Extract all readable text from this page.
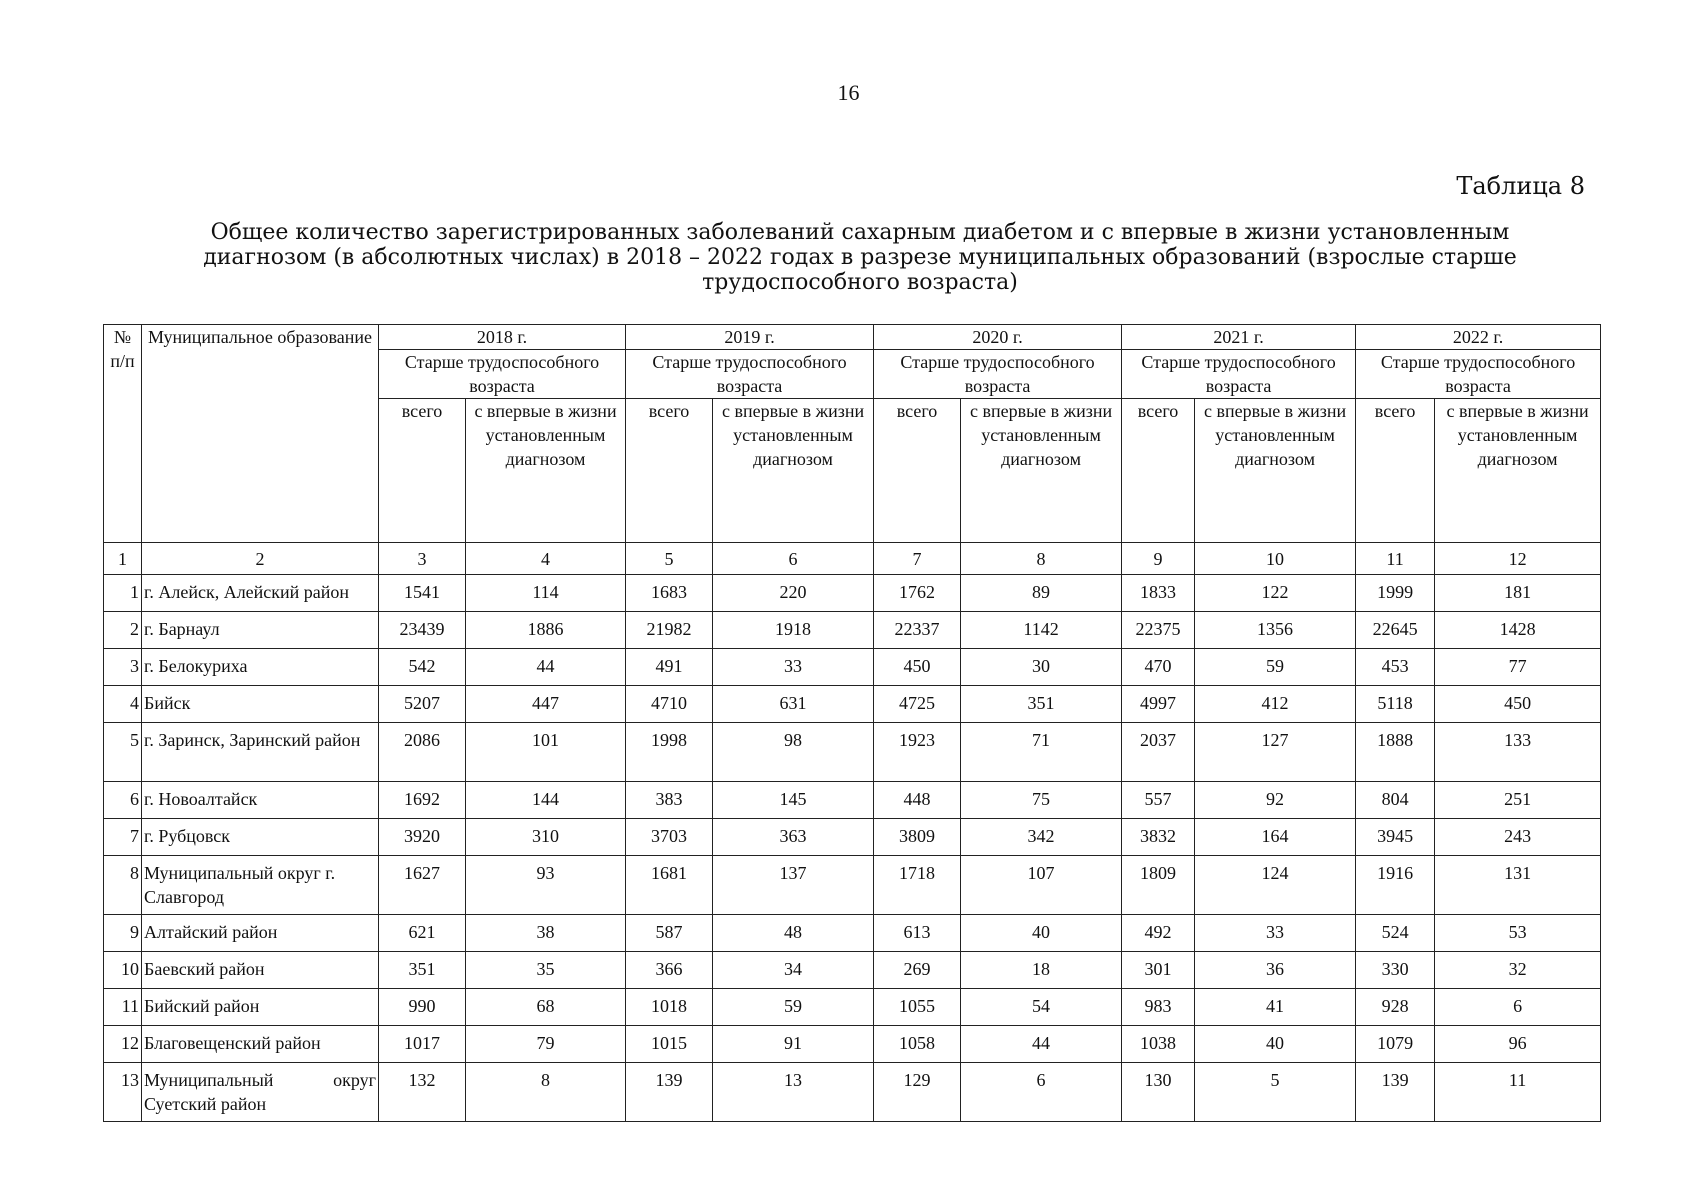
16
Таблица 8
Общее количество зарегистрированных заболеваний сахарным диабетом и с впервые в жизни установленным
диагнозом (в абсолютных числах) в 2018 – 2022 годах в разрезе муниципальных образований (взрослые старше
трудоспособного возраста)
№ п/п	Муниципальное образование	2018 г.		2019 г.		2020 г.		2021 г.		2022 г.	
		Старше трудоспособного возраста		Старше трудоспособного возраста		Старше трудоспособного возраста		Старше трудоспособного возраста		Старше трудоспособного возраста	
		всего	с впервые в жизни установленным диагнозом	всего	с впервые в жизни установленным диагнозом	всего	с впервые в жизни установленным диагнозом	всего	с впервые в жизни установленным диагнозом	всего	с впервые в жизни установленным диагнозом
1	2	3	4	5	6	7	8	9	10	11	12
1	г. Алейск, Алейский район	1541	114	1683	220	1762	89	1833	122	1999	181
2	г. Барнаул	23439	1886	21982	1918	22337	1142	22375	1356	22645	1428
3	г. Белокуриха	542	44	491	33	450	30	470	59	453	77
4	Бийск	5207	447	4710	631	4725	351	4997	412	5118	450
5	г. Заринск, Заринский район	2086	101	1998	98	1923	71	2037	127	1888	133
6	г. Новоалтайск	1692	144	383	145	448	75	557	92	804	251
7	г. Рубцовск	3920	310	3703	363	3809	342	3832	164	3945	243
8	Муниципальный округ г. Славгород	1627	93	1681	137	1718	107	1809	124	1916	131
9	Алтайский район	621	38	587	48	613	40	492	33	524	53
10	Баевский район	351	35	366	34	269	18	301	36	330	32
11	Бийский район	990	68	1018	59	1055	54	983	41	928	6
12	Благовещенский район	1017	79	1015	91	1058	44	1038	40	1079	96
13	Муниципальный округ Суетский район	132	8	139	13	129	6	130	5	139	11
